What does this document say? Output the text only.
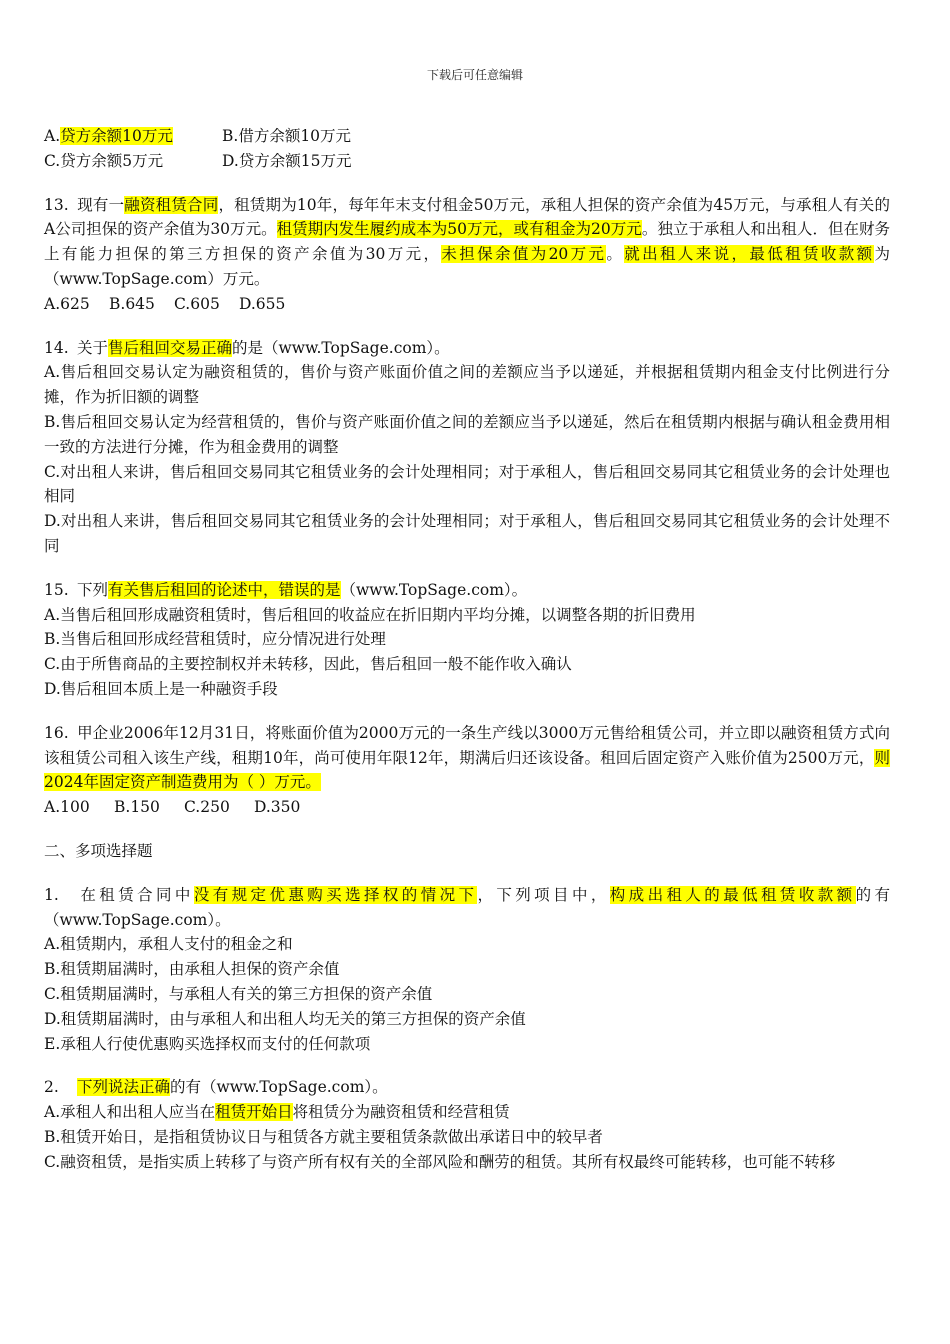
下载后可任意编辑
A.贷方余额10万元	B.借方余额10万元
C.贷方余额5万元	D.贷方余额15万元
13. 现有一融资租赁合同，租赁期为10年，每年年末支付租金50万元，承租人担保的资产余值为45万元，与承租人有关的A公司担保的资产余值为30万元。租赁期内发生履约成本为50万元，或有租金为20万元。独立于承租人和出租人．但在财务上有能力担保的第三方担保的资产余值为30万元，未担保余值为20万元。就出租人来说，最低租赁收款额为（www.TopSage.com）万元。
A.625 B.645 C.605 D.655
14. 关于售后租回交易正确的是（www.TopSage.com）。
A.售后租回交易认定为融资租赁的，售价与资产账面价值之间的差额应当予以递延，并根据租赁期内租金支付比例进行分摊，作为折旧额的调整
B.售后租回交易认定为经营租赁的，售价与资产账面价值之间的差额应当予以递延，然后在租赁期内根据与确认租金费用相一致的方法进行分摊，作为租金费用的调整
C.对出租人来讲，售后租回交易同其它租赁业务的会计处理相同；对于承租人，售后租回交易同其它租赁业务的会计处理也相同
D.对出租人来讲，售后租回交易同其它租赁业务的会计处理相同；对于承租人，售后租回交易同其它租赁业务的会计处理不同
15. 下列有关售后租回的论述中，错误的是（www.TopSage.com）。
A.当售后租回形成融资租赁时，售后租回的收益应在折旧期内平均分摊，以调整各期的折旧费用
B.当售后租回形成经营租赁时，应分情况进行处理
C.由于所售商品的主要控制权并未转移，因此，售后租回一般不能作收入确认
D.售后租回本质上是一种融资手段
16. 甲企业2006年12月31日，将账面价值为2000万元的一条生产线以3000万元售给租赁公司，并立即以融资租赁方式向该租赁公司租入该生产线，租期10年，尚可使用年限12年，期满后归还该设备。租回后固定资产入账价值为2500万元，则2024年固定资产制造费用为（ ）万元。
A.100 B.150 C.250 D.350
二、多项选择题
1. 在租赁合同中没有规定优惠购买选择权的情况下，下列项目中，构成出租人的最低租赁收款额的有（www.TopSage.com）。
A.租赁期内，承租人支付的租金之和
B.租赁期届满时，由承租人担保的资产余值
C.租赁期届满时，与承租人有关的第三方担保的资产余值
D.租赁期届满时，由与承租人和出租人均无关的第三方担保的资产余值
E.承租人行使优惠购买选择权而支付的任何款项
2. 下列说法正确的有（www.TopSage.com）。
A.承租人和出租人应当在租赁开始日将租赁分为融资租赁和经营租赁
B.租赁开始日，是指租赁协议日与租赁各方就主要租赁条款做出承诺日中的较早者
C.融资租赁，是指实质上转移了与资产所有权有关的全部风险和酬劳的租赁。其所有权最终可能转移，也可能不转移
